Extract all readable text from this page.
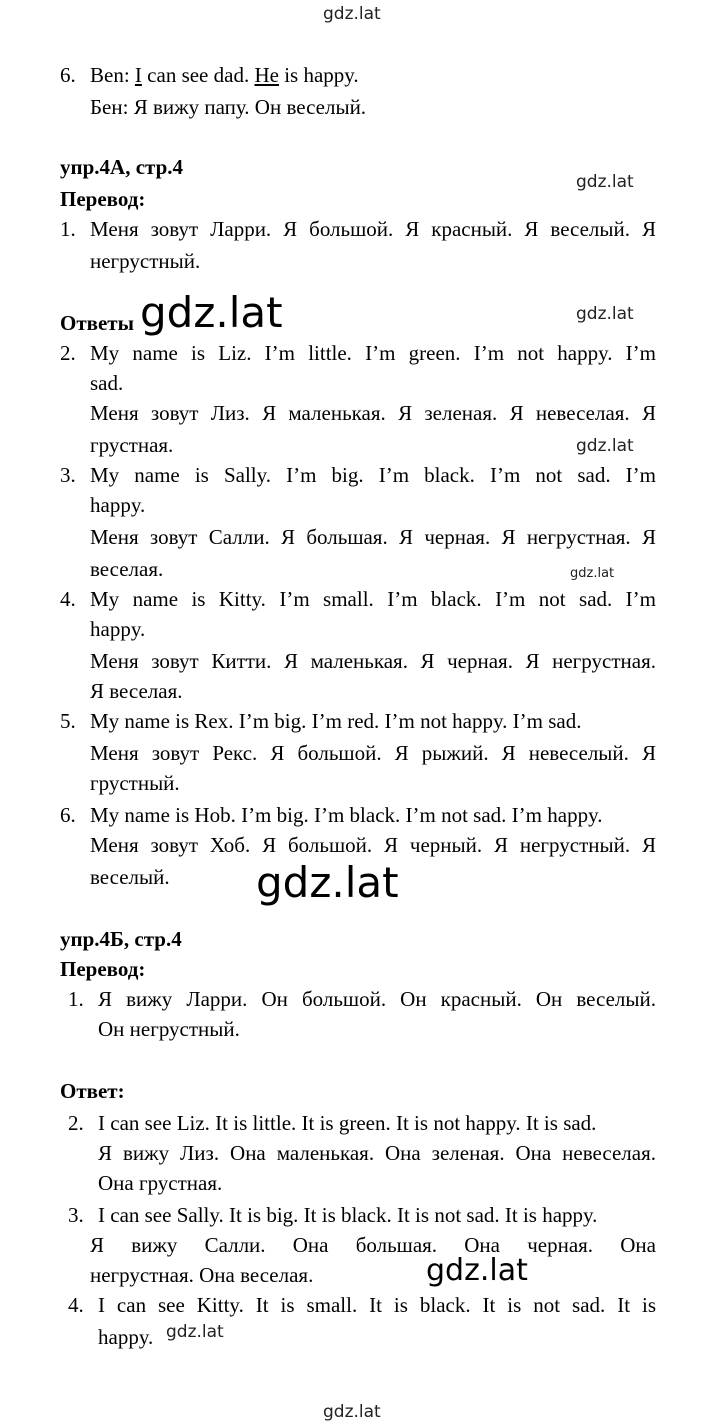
gdz.lat
gdz.lat
gdz.lat
gdz.lat
gdz.lat
gdz.lat
gdz.lat
gdz.lat
gdz.lat
gdz.lat
6. Ben: I can see dad. He is happy.
Бен: Я вижу папу. Он веселый.
упр.4А, стр.4
Перевод:
1. Меня зовут Ларри. Я большой. Я красный. Я веселый. Я
негрустный.
Ответы
2. My name is Liz. I’m little. I’m green. I’m not happy. I’m
sad.
Меня зовут Лиз. Я маленькая. Я зеленая. Я невеселая. Я
грустная.
3. My name is Sally. I’m big. I’m black. I’m not sad. I’m
happy.
Меня зовут Салли. Я большая. Я черная. Я негрустная. Я
веселая.
4. My name is Kitty. I’m small. I’m black. I’m not sad. I’m
happy.
Меня зовут Китти. Я маленькая. Я черная. Я негрустная.
Я веселая.
5. My name is Rex. I’m big. I’m red. I’m not happy. I’m sad.
Меня зовут Рекс. Я большой. Я рыжий. Я невеселый. Я
грустный.
6. My name is Hob. I’m big. I’m black. I’m not sad. I’m happy.
Меня зовут Хоб. Я большой. Я черный. Я негрустный. Я
веселый.
упр.4Б, стр.4
Перевод:
1. Я вижу Ларри. Он большой. Он красный. Он веселый.
Он негрустный.
Ответ:
2. I can see Liz. It is little. It is green. It is not happy. It is sad.
Я вижу Лиз. Она маленькая. Она зеленая. Она невеселая.
Она грустная.
3. I can see Sally. It is big. It is black. It is not sad. It is happy.
Я вижу Салли. Она большая. Она черная. Она
негрустная. Она веселая.
4. I can see Kitty. It is small. It is black. It is not sad. It is
happy.
